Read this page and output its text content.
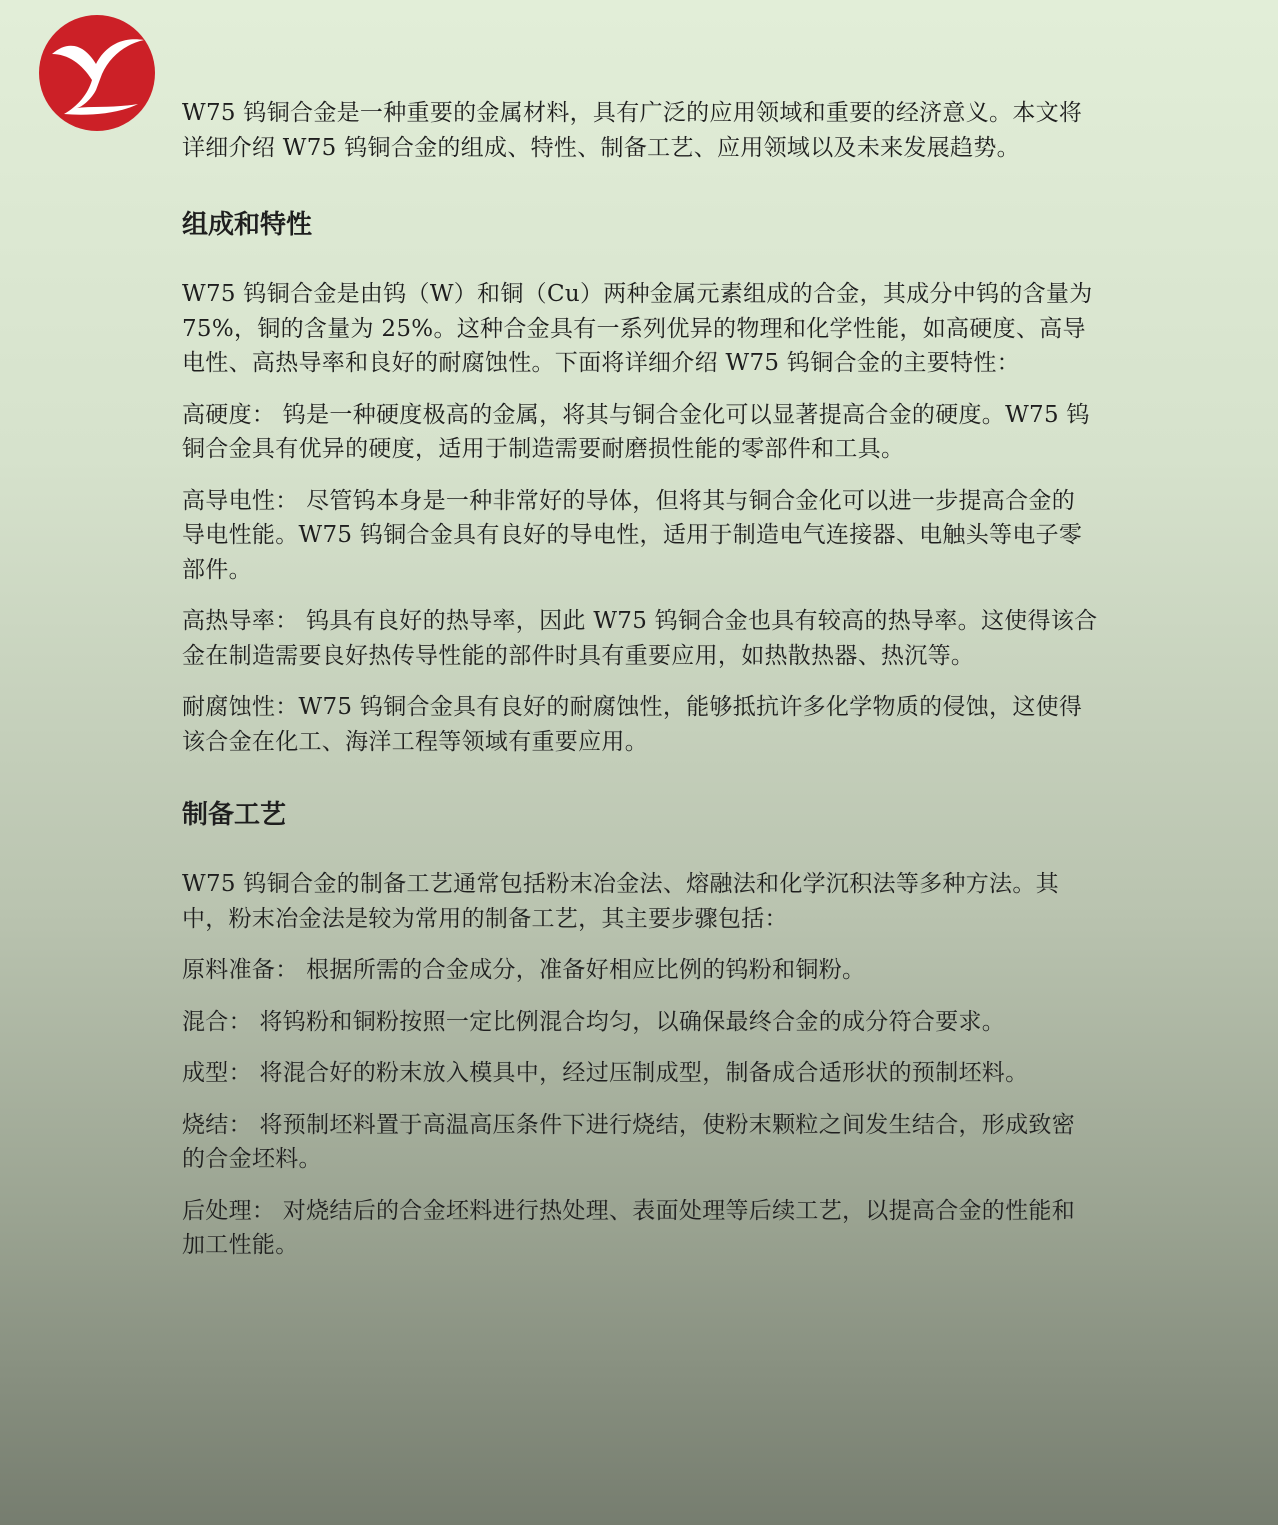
W75 钨铜合金是一种重要的金属材料，具有广泛的应用领域和重要的经济意义。本文将详细介绍 W75 钨铜合金的组成、特性、制备工艺、应用领域以及未来发展趋势。

组成和特性

W75 钨铜合金是由钨（W）和铜（Cu）两种金属元素组成的合金，其成分中钨的含量为 75%，铜的含量为 25%。这种合金具有一系列优异的物理和化学性能，如高硬度、高导电性、高热导率和良好的耐腐蚀性。下面将详细介绍 W75 钨铜合金的主要特性：

高硬度： 钨是一种硬度极高的金属，将其与铜合金化可以显著提高合金的硬度。W75 钨铜合金具有优异的硬度，适用于制造需要耐磨损性能的零部件和工具。

高导电性： 尽管钨本身是一种非常好的导体，但将其与铜合金化可以进一步提高合金的导电性能。W75 钨铜合金具有良好的导电性，适用于制造电气连接器、电触头等电子零部件。

高热导率： 钨具有良好的热导率，因此 W75 钨铜合金也具有较高的热导率。这使得该合金在制造需要良好热传导性能的部件时具有重要应用，如热散热器、热沉等。

耐腐蚀性：W75 钨铜合金具有良好的耐腐蚀性，能够抵抗许多化学物质的侵蚀，这使得该合金在化工、海洋工程等领域有重要应用。

制备工艺

W75 钨铜合金的制备工艺通常包括粉末冶金法、熔融法和化学沉积法等多种方法。其中，粉末冶金法是较为常用的制备工艺，其主要步骤包括：

原料准备： 根据所需的合金成分，准备好相应比例的钨粉和铜粉。

混合： 将钨粉和铜粉按照一定比例混合均匀，以确保最终合金的成分符合要求。

成型： 将混合好的粉末放入模具中，经过压制成型，制备成合适形状的预制坯料。

烧结： 将预制坯料置于高温高压条件下进行烧结，使粉末颗粒之间发生结合，形成致密的合金坯料。

后处理： 对烧结后的合金坯料进行热处理、表面处理等后续工艺，以提高合金的性能和加工性能。
